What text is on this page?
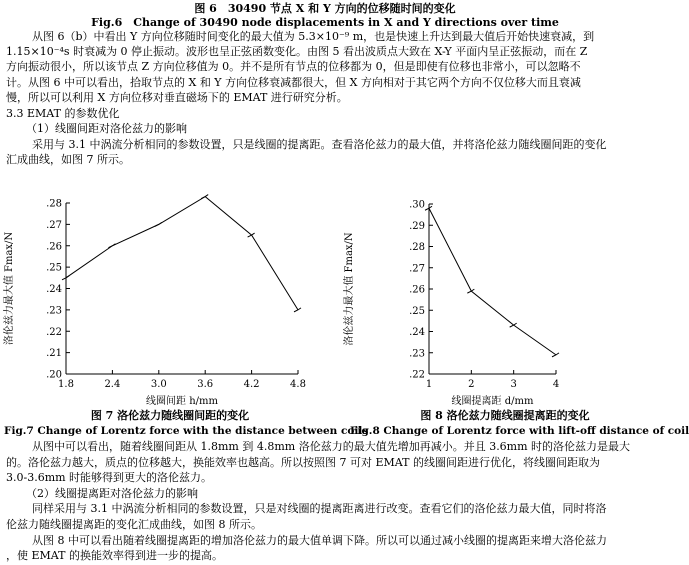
图 6　30490 节点 X 和 Y 方向的位移随时间的变化
Fig.6　Change of 30490 node displacements in X and Y directions over time
从图 6（b）中看出 Y 方向位移随时间变化的最大值为 5.3×10⁻⁹ m，也是快速上升达到最大值后开始快速衰减，到
1.15×10⁻⁴s 时衰减为 0 停止振动。波形也呈正弦函数变化。由图 5 看出波质点大致在 X-Y 平面内呈正弦振动，而在 Z
方向振动很小，所以该节点 Z 方向位移值为 0。并不是所有节点的位移都为 0，但是即使有位移也非常小，可以忽略不
计。从图 6 中可以看出，拾取节点的 X 和 Y 方向位移衰减都很大，但 X 方向相对于其它两个方向不仅位移大而且衰减
慢，所以可以利用 X 方向位移对垂直磁场下的 EMAT 进行研究分析。
3.3 EMAT 的参数优化
（1）线圈间距对洛伦兹力的影响
采用与 3.1 中涡流分析相同的参数设置，只是线圈的提离距。查看洛伦兹力的最大值，并将洛伦兹力随线圈间距的变化
汇成曲线，如图 7 所示。
.20
.21
.22
.23
.24
.25
.26
.27
.28
1.8	2.4	3.0	3.6	4.2	4.8
线圈间距 h/mm
洛伦兹力最大值 Fmax/N
.22
.23
.24
.25
.26
.27
.28
.29
.30
1	2	3	4
线圈提离距 d/mm
洛伦兹力最大值 Fmax/N
图 7 洛伦兹力随线圈间距的变化
Fig.7 Change of Lorentz force with the distance between coils
图 8 洛伦兹力随线圈提离距的变化
Fig.8 Change of Lorentz force with lift-off distance of coil
从图中可以看出，随着线圈间距从 1.8mm 到 4.8mm 洛伦兹力的最大值先增加再减小。并且 3.6mm 时的洛伦兹力是最大
的。洛伦兹力越大，质点的位移越大，换能效率也越高。所以按照图 7 可对 EMAT 的线圈间距进行优化，将线圈间距取为
3.0-3.6mm 时能够得到更大的洛伦兹力。
（2）线圈提离距对洛伦兹力的影响
同样采用与 3.1 中涡流分析相同的参数设置，只是对线圈的提离距离进行改变。查看它们的洛伦兹力最大值，同时将洛
伦兹力随线圈提离距的变化汇成曲线，如图 8 所示。
从图 8 中可以看出随着线圈提离距的增加洛伦兹力的最大值单调下降。所以可以通过减小线圈的提离距来增大洛伦兹力
，使 EMAT 的换能效率得到进一步的提高。
